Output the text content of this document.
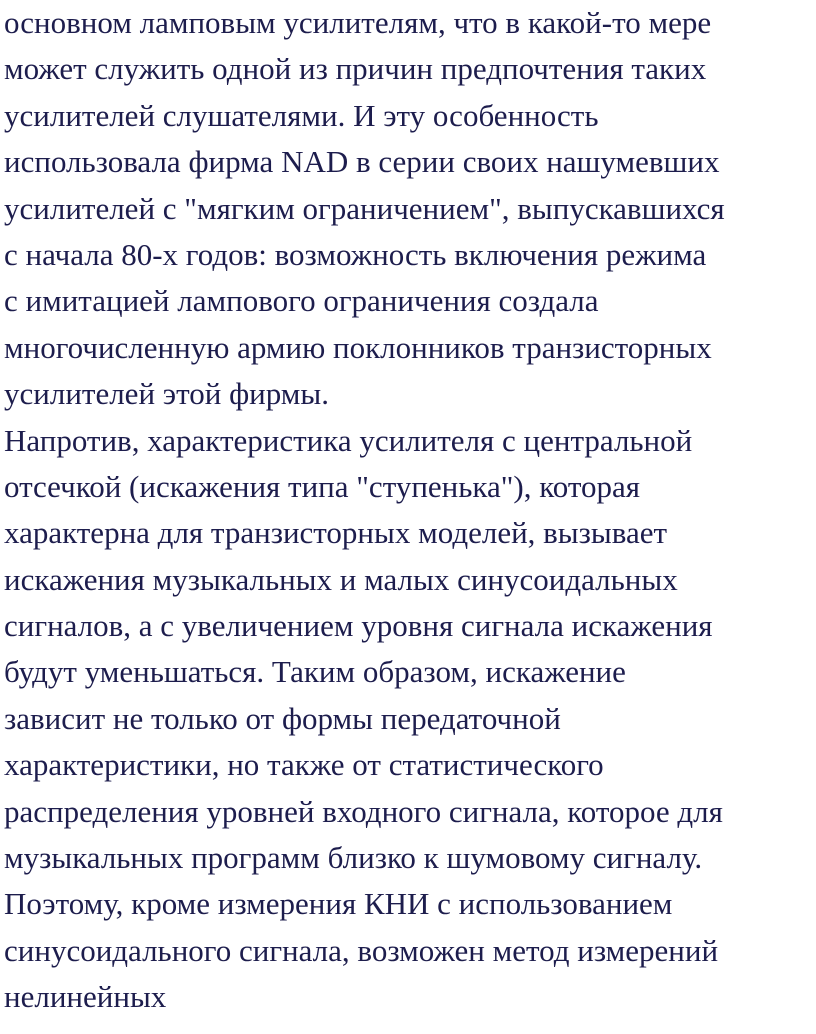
основном ламповым усилителям, что в какой-то мере
может служить одной из причин предпочтения таких
усилителей слушателями. И эту особенность
использовала фирма NAD в серии своих нашумевших
усилителей с "мягким ограничением", выпускавшихся
с начала 80-х годов: возможность включения режима
с имитацией лампового ограничения создала
многочисленную армию поклонников транзисторных
усилителей этой фирмы.
Напротив, характеристика усилителя с центральной
отсечкой (искажения типа "ступенька"), которая
характерна для транзисторных моделей, вызывает
искажения музыкальных и малых синусоидальных
сигналов, а с увеличением уровня сигнала искажения
будут уменьшаться. Таким образом, искажение
зависит не только от формы передаточной
характеристики, но также от статистического
распределения уровней входного сигнала, которое для
музыкальных программ близко к шумовому сигналу.
Поэтому, кроме измерения КНИ с использованием
синусоидального сигнала, возможен метод измерений
нелинейных
